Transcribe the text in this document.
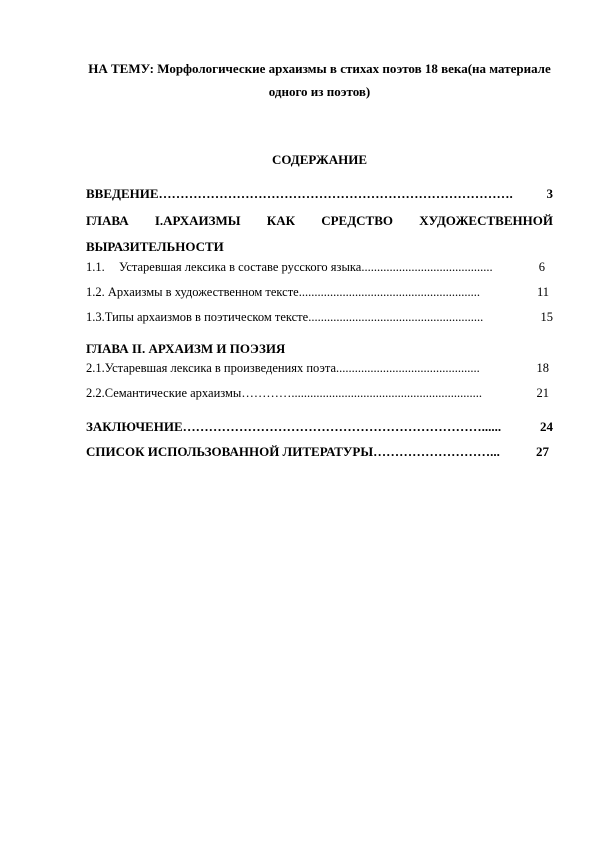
НА ТЕМУ: Морфологические архаизмы в стихах поэтов 18 века(на материале одного из поэтов)
СОДЕРЖАНИЕ
ВВЕДЕНИЕ ……………………………………………………………………….	3
ГЛАВА I.АРХАИЗМЫ КАК СРЕДСТВО ХУДОЖЕСТВЕННОЙ
ВЫРАЗИТЕЛЬНОСТИ
1.1. Устаревшая лексика в составе русского языка ..........................................	6
1.2. Архаизмы в художественном тексте ..........................................................	11
1.3.Типы архаизмов в поэтическом тексте ........................................................	15
ГЛАВА II. АРХАИЗМ И ПОЭЗИЯ
2.1.Устаревшая лексика в произведениях поэта ..............................................	18
2.2.Семантические архаизмы ………….............................................................	21
ЗАКЛЮЧЕНИЕ ……………………………………………………………......	24
СПИСОК ИСПОЛЬЗОВАННОЙ ЛИТЕРАТУРЫ ………………………...	27
